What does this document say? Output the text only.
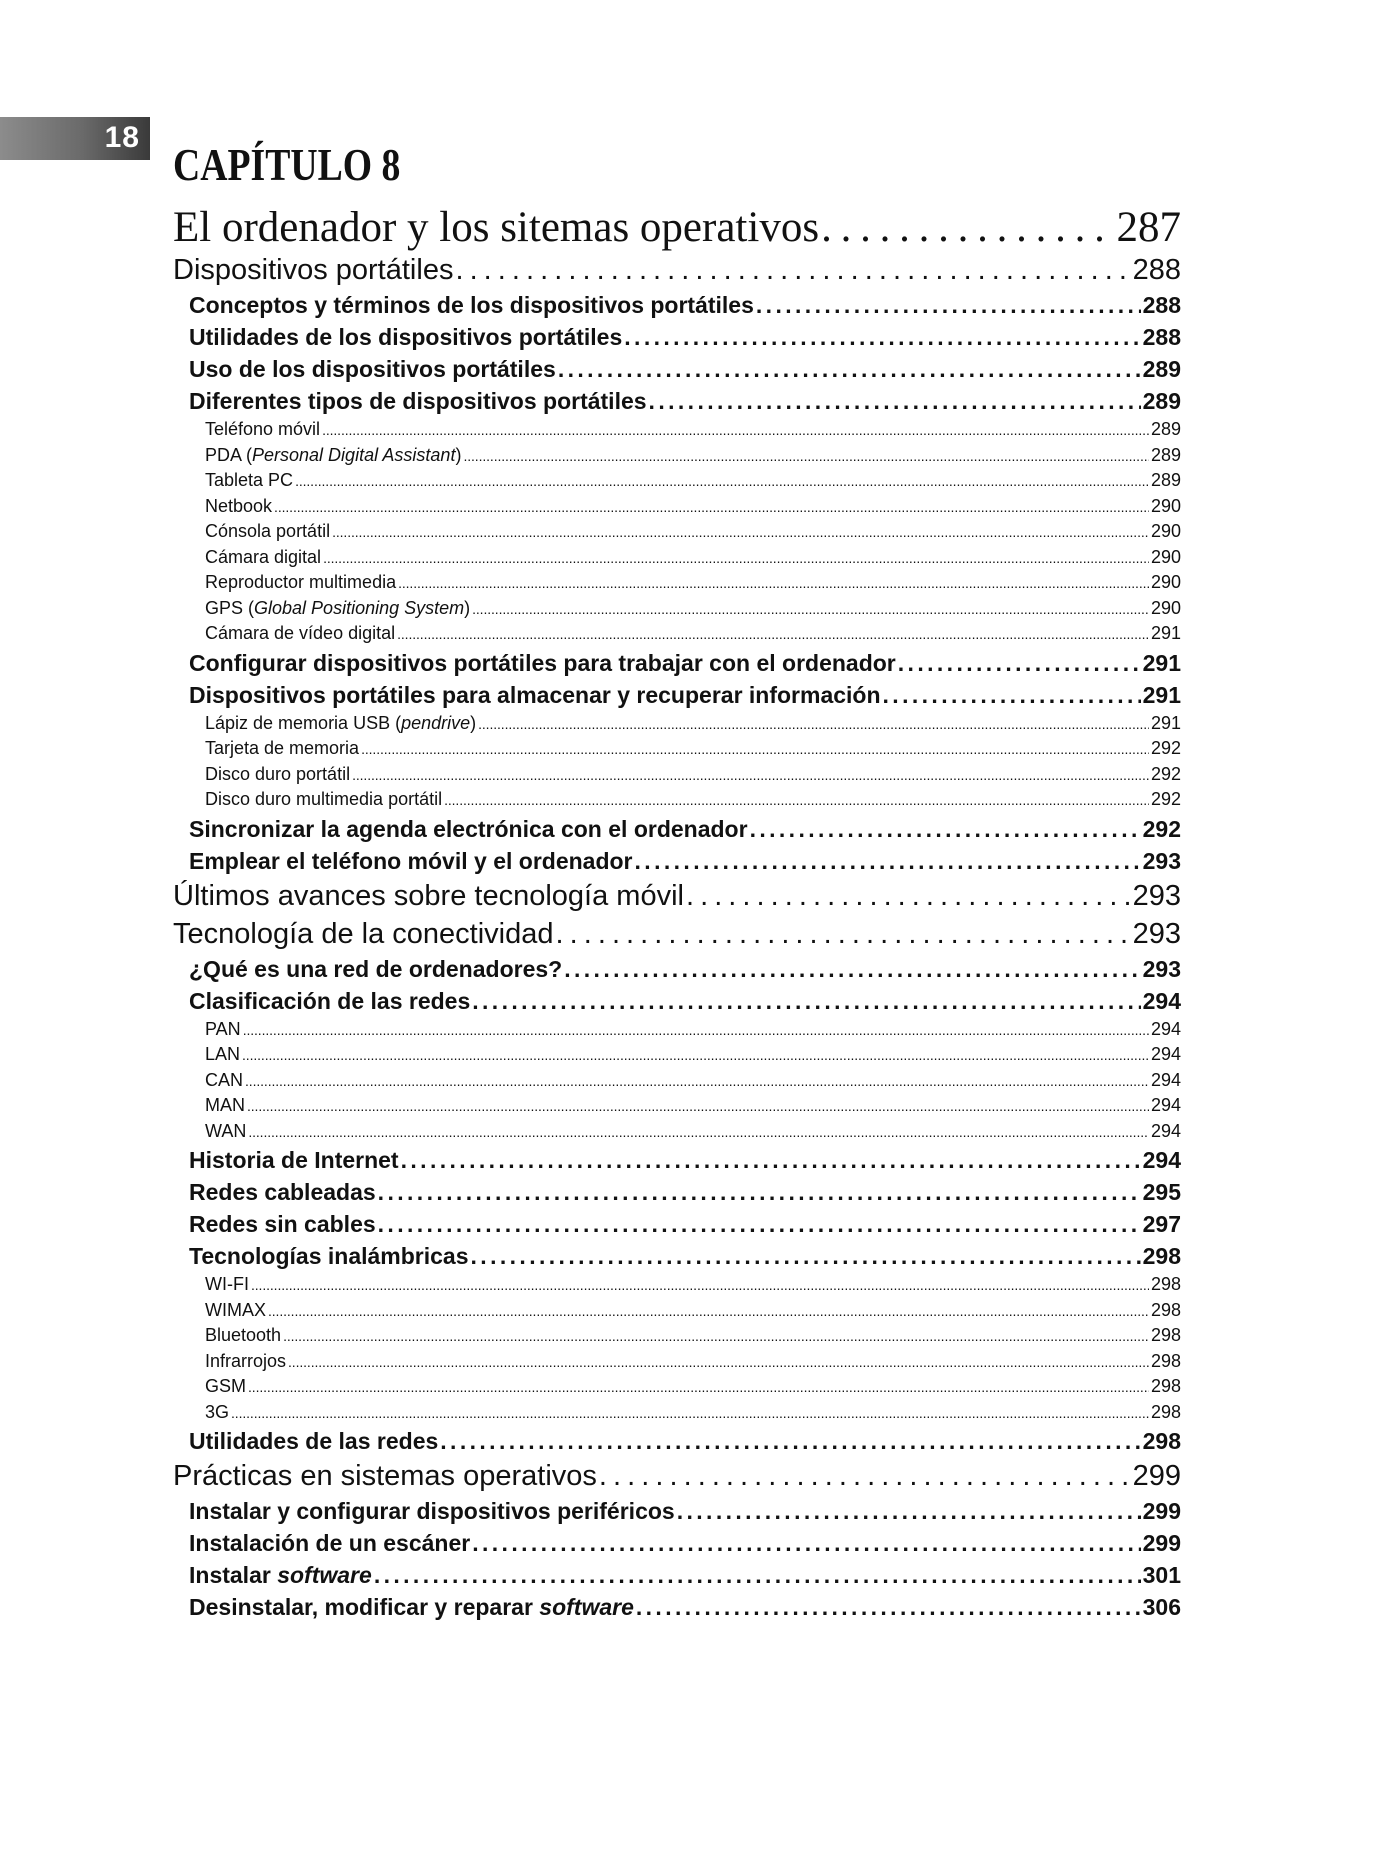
18
CAPÍTULO 8
El ordenador y los sitemas operativos . . .	287
Dispositivos portátiles . . .	288
Conceptos y términos de los dispositivos portátiles . . .	288
Utilidades de los dispositivos portátiles . . .	288
Uso de los dispositivos portátiles . . .	289
Diferentes tipos de dispositivos portátiles . . .	289
Teléfono móvil . . .	289
PDA (Personal Digital Assistant) . . .	289
Tableta PC . . .	289
Netbook . . .	290
Cónsola portátil . . .	290
Cámara digital . . .	290
Reproductor multimedia . . .	290
GPS (Global Positioning System) . . .	290
Cámara de vídeo digital . . .	291
Configurar dispositivos portátiles para trabajar con el ordenador . . .	291
Dispositivos portátiles para almacenar y recuperar información . . .	291
Lápiz de memoria USB (pendrive) . . .	291
Tarjeta de memoria . . .	292
Disco duro portátil . . .	292
Disco duro multimedia portátil . . .	292
Sincronizar la agenda electrónica con el ordenador . . .	292
Emplear el teléfono móvil y el ordenador . . .	293
Últimos avances sobre tecnología móvil . . .	293
Tecnología de la conectividad . . .	293
¿Qué es una red de ordenadores? . . .	293
Clasificación de las redes . . .	294
PAN . . .	294
LAN . . .	294
CAN . . .	294
MAN . . .	294
WAN . . .	294
Historia de Internet . . .	294
Redes cableadas . . .	295
Redes sin cables . . .	297
Tecnologías inalámbricas . . .	298
WI-FI . . .	298
WIMAX . . .	298
Bluetooth . . .	298
Infrarrojos . . .	298
GSM . . .	298
3G . . .	298
Utilidades de las redes . . .	298
Prácticas en sistemas operativos . . .	299
Instalar y configurar dispositivos periféricos . . .	299
Instalación de un escáner . . .	299
Instalar software . . .	301
Desinstalar, modificar y reparar software . . .	306
